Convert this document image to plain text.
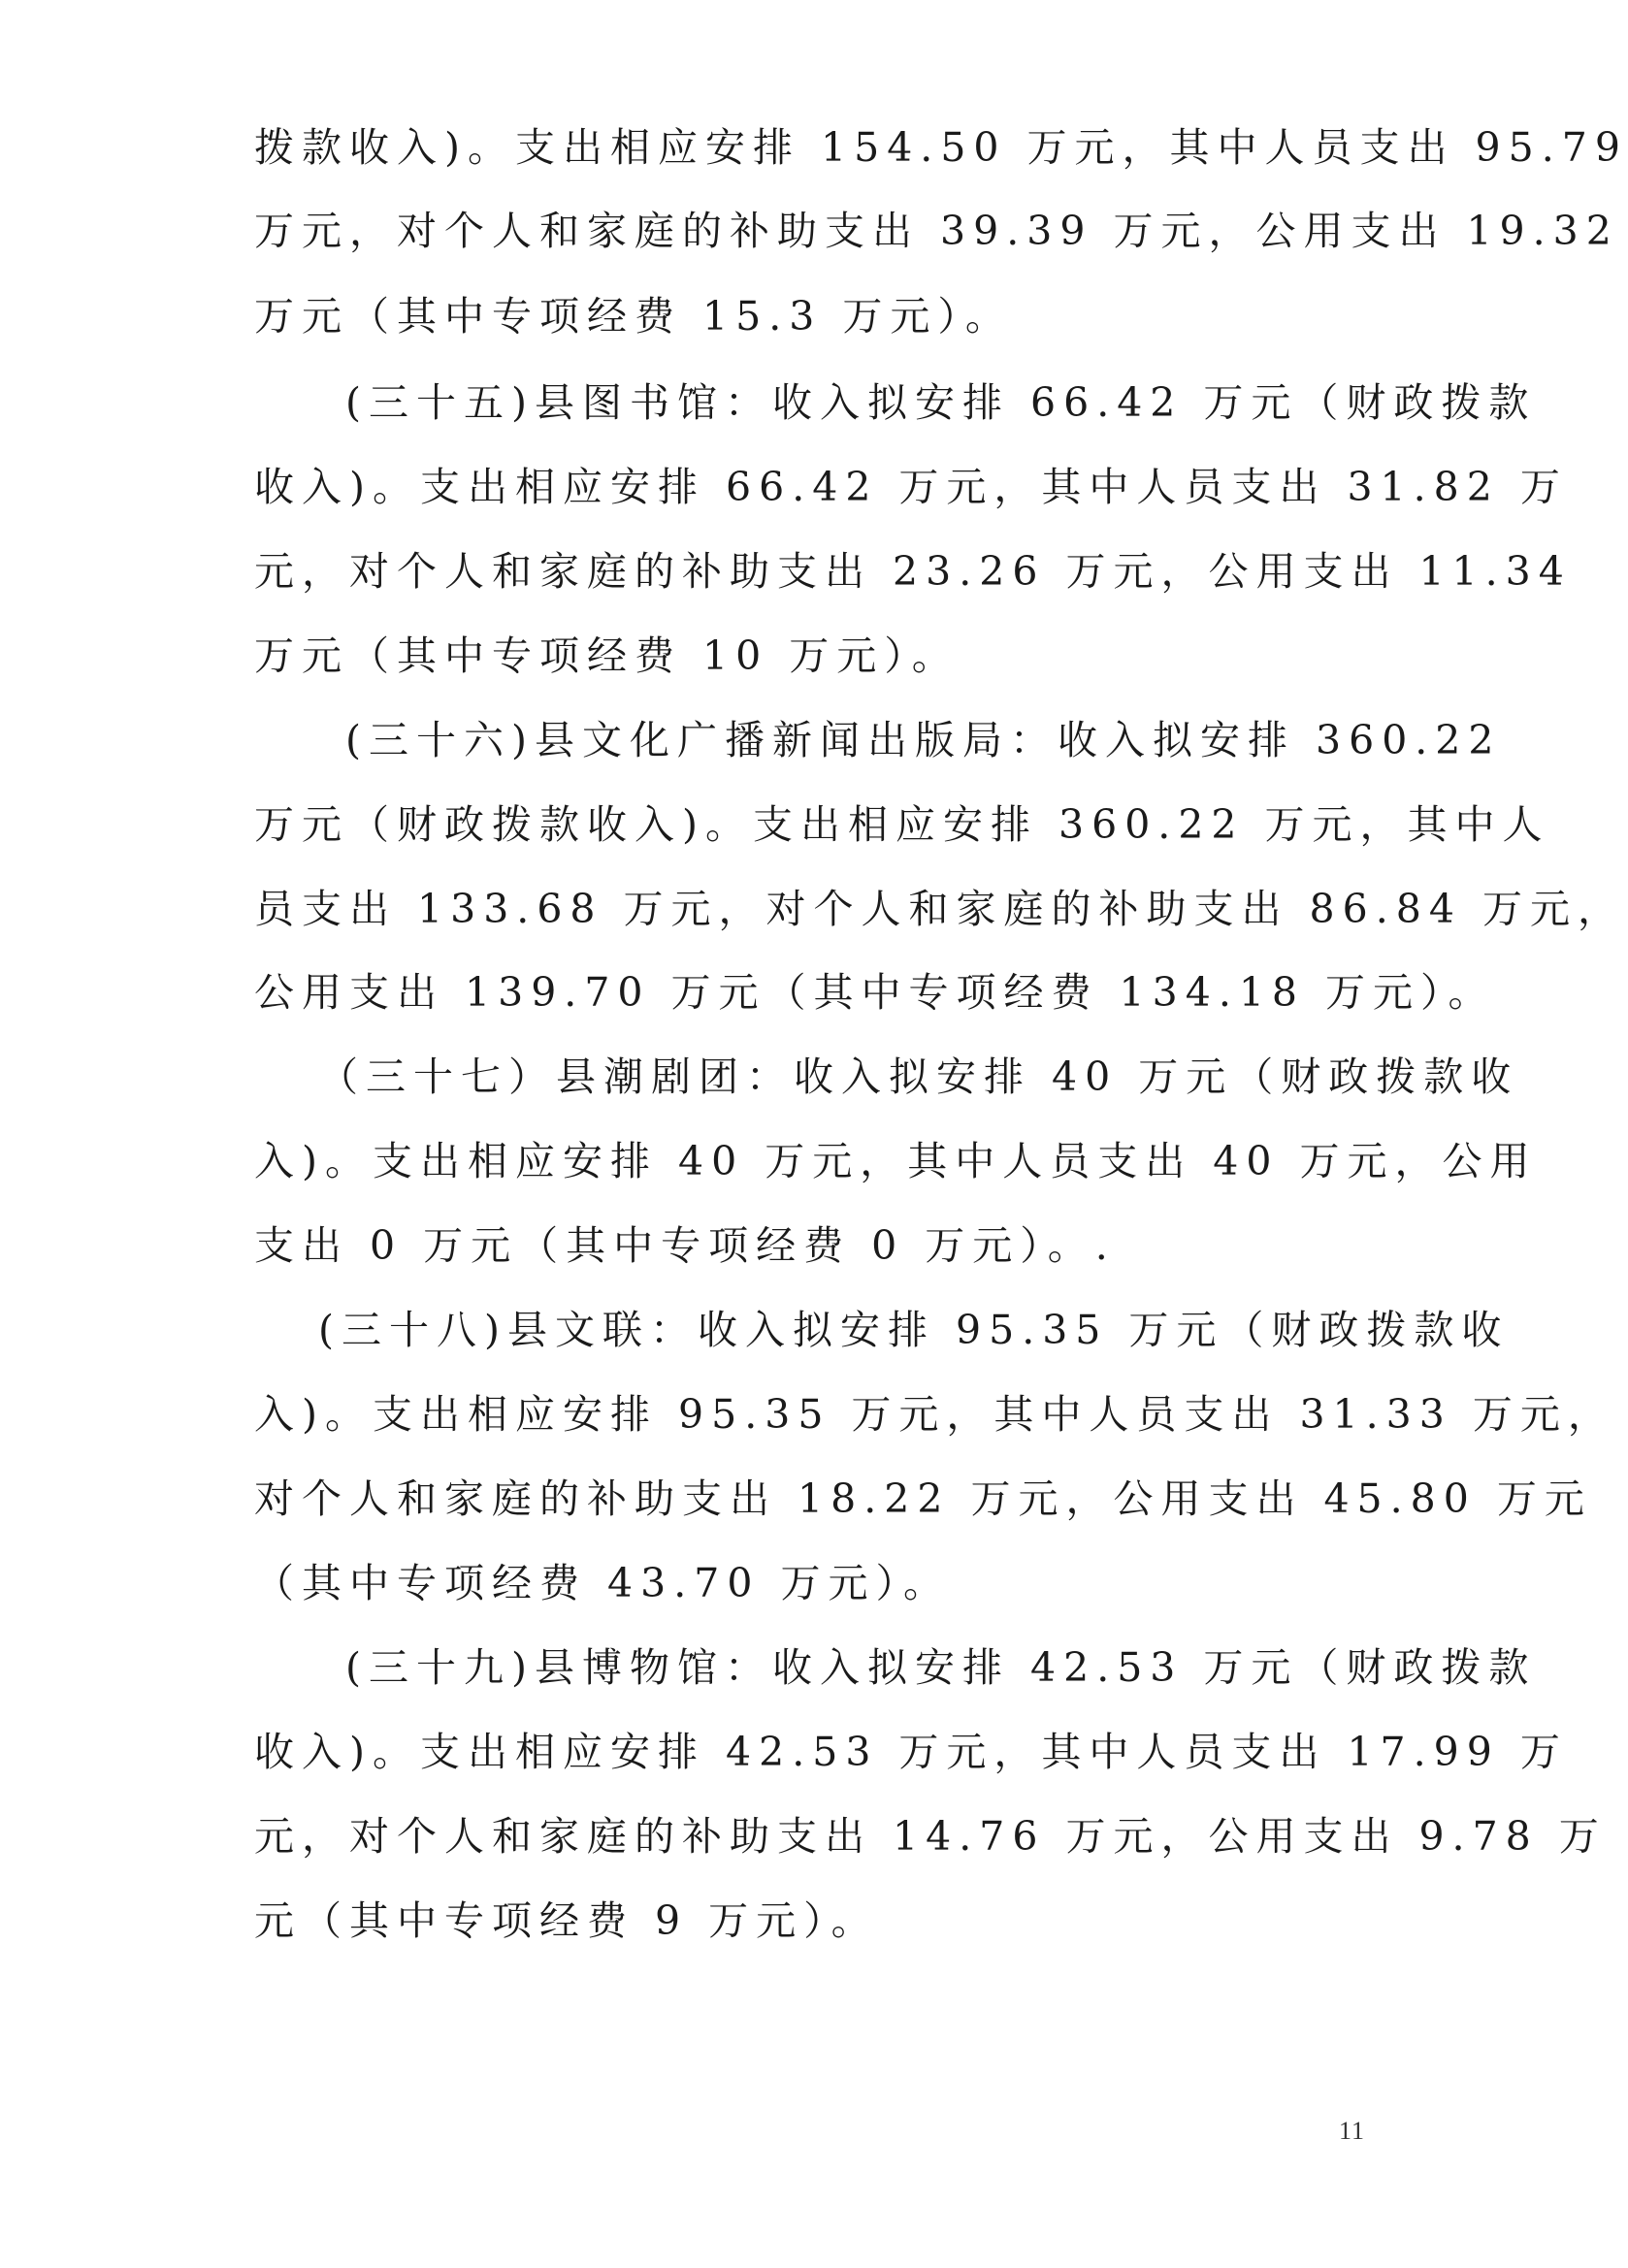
拨款收入)。支出相应安排 154.50 万元，其中人员支出 95.79
万元，对个人和家庭的补助支出 39.39 万元，公用支出 19.32
万元（其中专项经费 15.3 万元）。
(三十五)县图书馆：收入拟安排 66.42 万元（财政拨款
收入)。支出相应安排 66.42 万元，其中人员支出 31.82 万
元，对个人和家庭的补助支出 23.26 万元，公用支出 11.34
万元（其中专项经费 10 万元）。
(三十六)县文化广播新闻出版局：收入拟安排 360.22
万元（财政拨款收入)。支出相应安排 360.22 万元，其中人
员支出 133.68 万元，对个人和家庭的补助支出 86.84 万元，
公用支出 139.70 万元（其中专项经费 134.18 万元）。
（三十七）县潮剧团：收入拟安排 40 万元（财政拨款收
入)。支出相应安排 40 万元，其中人员支出 40 万元，公用
支出 0 万元（其中专项经费 0 万元）。.
(三十八)县文联：收入拟安排 95.35 万元（财政拨款收
入)。支出相应安排 95.35 万元，其中人员支出 31.33 万元，
对个人和家庭的补助支出 18.22 万元，公用支出 45.80 万元
（其中专项经费 43.70 万元）。
(三十九)县博物馆：收入拟安排 42.53 万元（财政拨款
收入)。支出相应安排 42.53 万元，其中人员支出 17.99 万
元，对个人和家庭的补助支出 14.76 万元，公用支出 9.78 万
元（其中专项经费 9 万元）。
11
